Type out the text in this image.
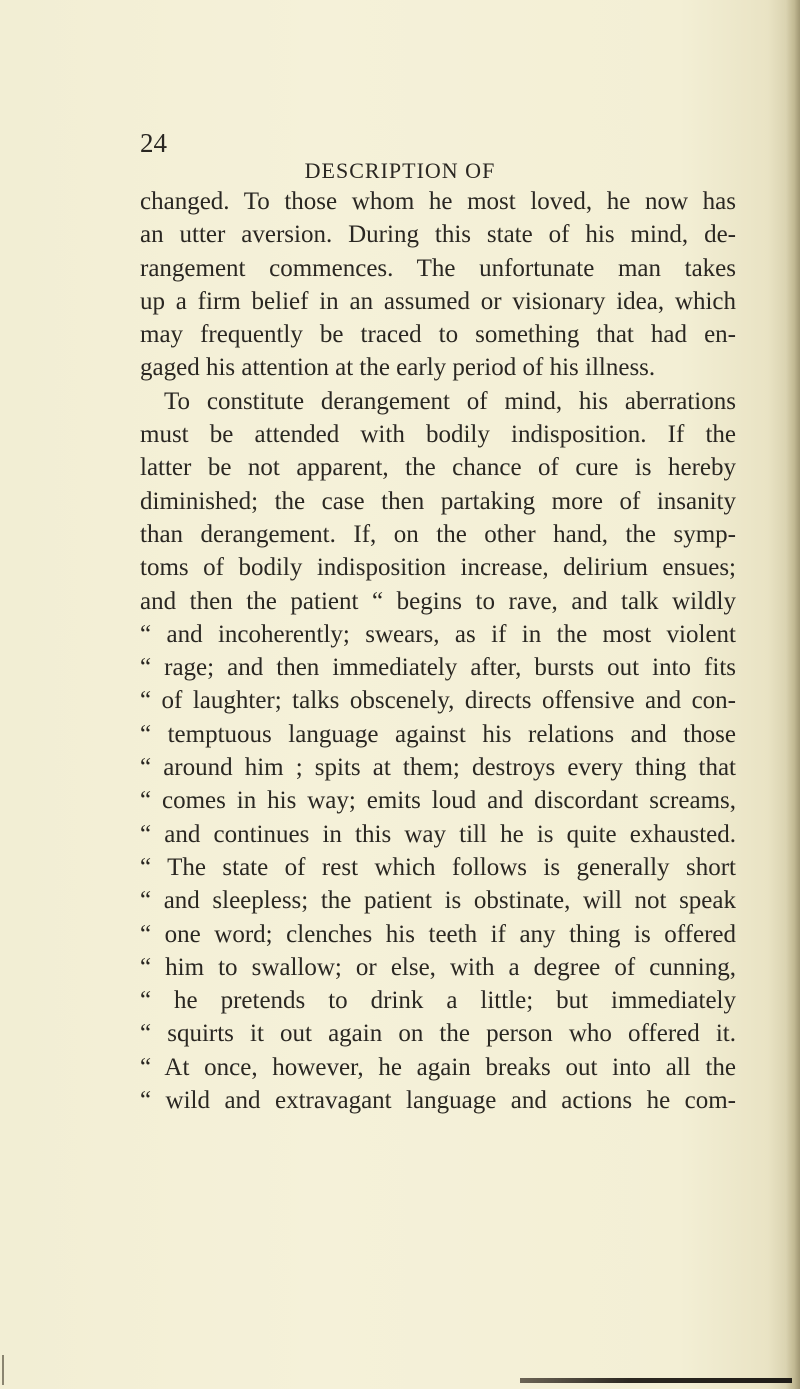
24
DESCRIPTION OF
changed. To those whom he most loved, he now has
an utter aversion. During this state of his mind, de-
rangement commences. The unfortunate man takes
up a firm belief in an assumed or visionary idea, which
may frequently be traced to something that had en-
gaged his attention at the early period of his illness.
To constitute derangement of mind, his aberrations
must be attended with bodily indisposition. If the
latter be not apparent, the chance of cure is hereby
diminished; the case then partaking more of insanity
than derangement. If, on the other hand, the symp-
toms of bodily indisposition increase, delirium ensues;
and then the patient “ begins to rave, and talk wildly
“ and incoherently; swears, as if in the most violent
“ rage; and then immediately after, bursts out into fits
“ of laughter; talks obscenely, directs offensive and con-
“ temptuous language against his relations and those
“ around him ; spits at them; destroys every thing that
“ comes in his way; emits loud and discordant screams,
“ and continues in this way till he is quite exhausted.
“ The state of rest which follows is generally short
“ and sleepless; the patient is obstinate, will not speak
“ one word; clenches his teeth if any thing is offered
“ him to swallow; or else, with a degree of cunning,
“ he pretends to drink a little; but immediately
“ squirts it out again on the person who offered it.
“ At once, however, he again breaks out into all the
“ wild and extravagant language and actions he com-
